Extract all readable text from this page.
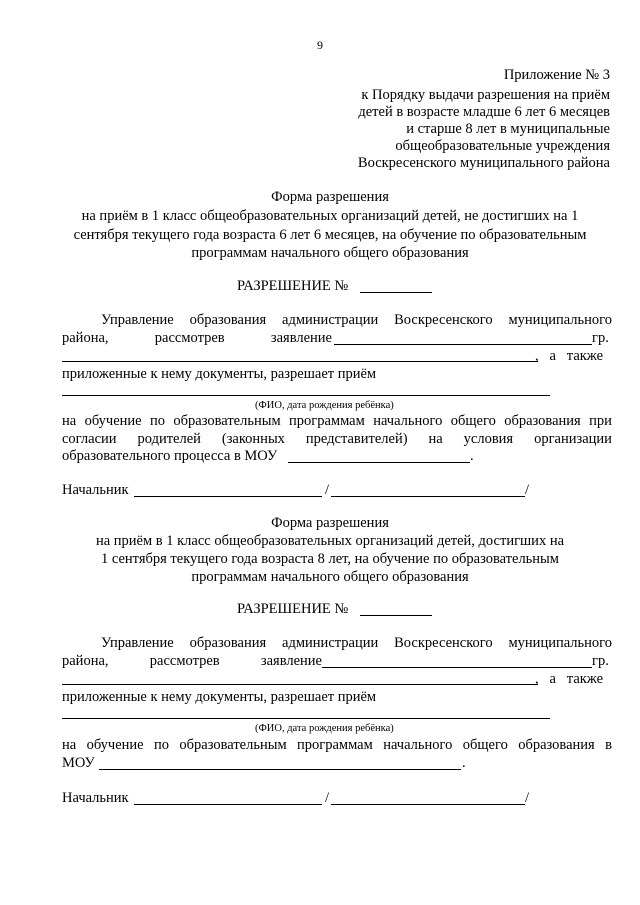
9
Приложение № 3
к Порядку выдачи разрешения на приём
детей в возрасте младше 6 лет 6 месяцев
и старше 8 лет в муниципальные
общеобразовательные учреждения
Воскресенского муниципального района
Форма разрешения
на приём в 1 класс общеобразовательных организаций детей, не достигших на 1
сентября текущего года возраста 6 лет 6 месяцев, на обучение по образовательным
программам начального общего образования
РАЗРЕШЕНИЕ №
Управление образования администрации Воскресенского муниципального
района,	рассмотрев	заявление	гр.
,   а   также
приложенные к нему документы, разрешает приём
(ФИО, дата рождения ребёнка)
на обучение по образовательным программам начального общего образования при
согласии родителей (законных представителей) на условия организации
образовательного процесса в МОУ	.
Начальник	/	/
Форма разрешения
на приём в 1 класс общеобразовательных организаций детей, достигших на
1 сентября текущего года возраста 8 лет, на обучение по образовательным
программам начального общего образования
РАЗРЕШЕНИЕ №
Управление образования администрации Воскресенского муниципального
района,	рассмотрев	заявление	гр.
,   а   также
приложенные к нему документы, разрешает приём
(ФИО, дата рождения ребёнка)
на обучение по образовательным программам начального общего образования в
МОУ	.
Начальник	/	/
